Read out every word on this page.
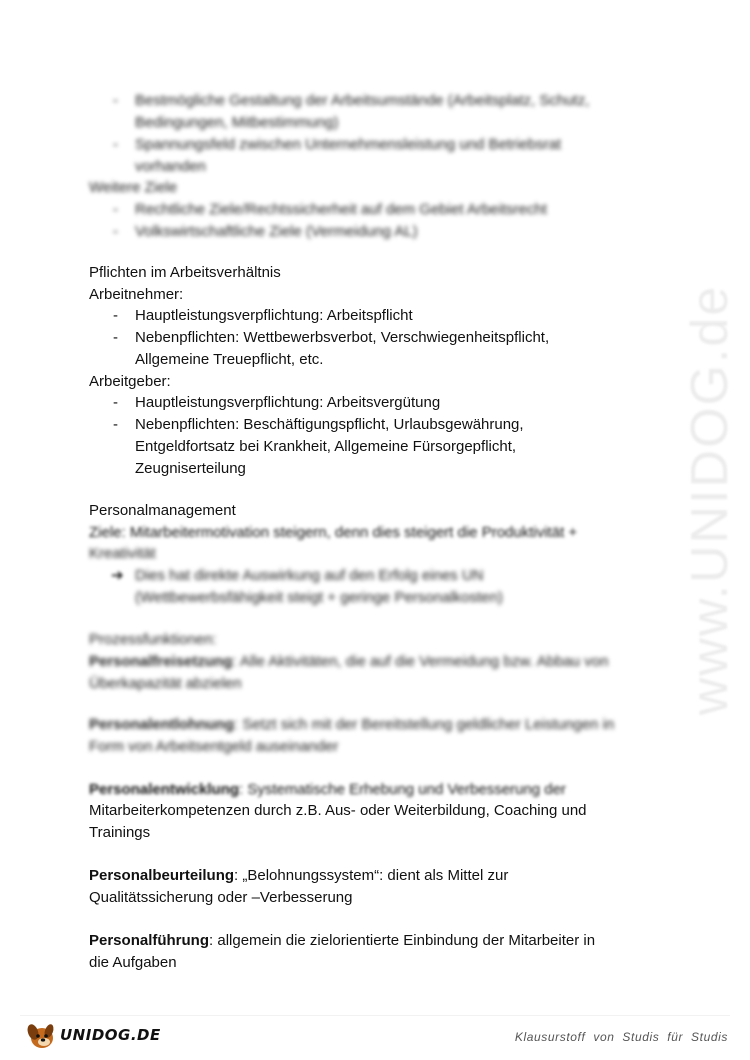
www.UNIDOG.de
- Bestmögliche Gestaltung der Arbeitsumstände (Arbeitsplatz, Schutz,
Bedingungen, Mitbestimmung)
- Spannungsfeld zwischen Unternehmensleistung und Betriebsrat
vorhanden
Weitere Ziele
- Rechtliche Ziele/Rechtssicherheit auf dem Gebiet Arbeitsrecht
- Volkswirtschaftliche Ziele (Vermeidung AL)
Pflichten im Arbeitsverhältnis
Arbeitnehmer:
- Hauptleistungsverpflichtung: Arbeitspflicht
- Nebenpflichten: Wettbewerbsverbot, Verschwiegenheitspflicht,
Allgemeine Treuepflicht, etc.
Arbeitgeber:
- Hauptleistungsverpflichtung: Arbeitsvergütung
- Nebenpflichten: Beschäftigungspflicht, Urlaubsgewährung,
Entgeldfortsatz bei Krankheit, Allgemeine Fürsorgepflicht,
Zeugniserteilung
Personalmanagement
Ziele: Mitarbeitermotivation steigern, denn dies steigert die Produktivität +
Kreativität
➔ Dies hat direkte Auswirkung auf den Erfolg eines UN
(Wettbewerbsfähigkeit steigt + geringe Personalkosten)
Prozessfunktionen:
Personalfreisetzung: Alle Aktivitäten, die auf die Vermeidung bzw. Abbau von
Überkapazität abzielen
Personalentlohnung: Setzt sich mit der Bereitstellung geldlicher Leistungen in
Form von Arbeitsentgeld auseinander
Personalentwicklung: Systematische Erhebung und Verbesserung der
Mitarbeiterkompetenzen durch z.B. Aus- oder Weiterbildung, Coaching und
Trainings
Personalbeurteilung: „Belohnungssystem“: dient als Mittel zur
Qualitätssicherung oder –Verbesserung
Personalführung: allgemein die zielorientierte Einbindung der Mitarbeiter in
die Aufgaben
UNIDOG.DE	Klausurstoff von Studis für Studis
